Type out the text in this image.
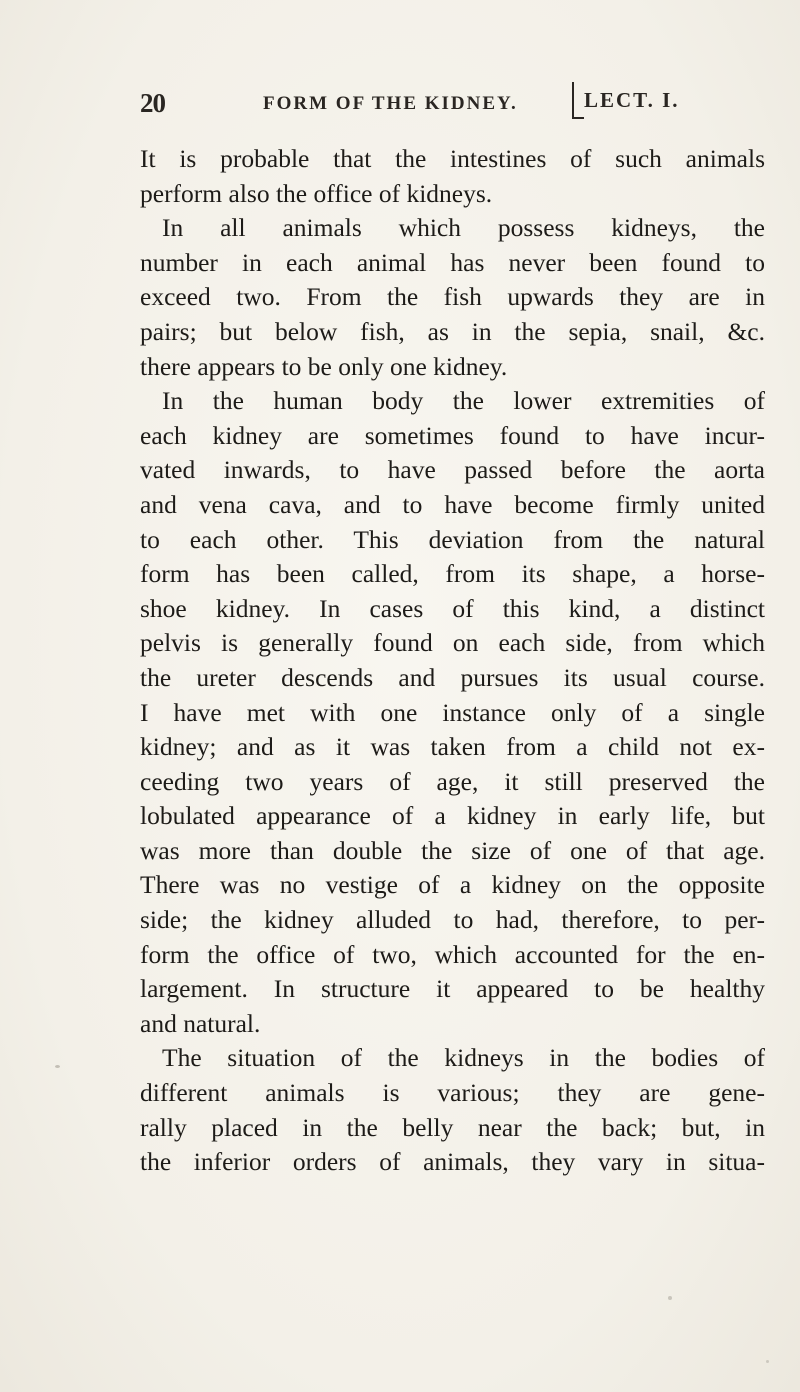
20	FORM OF THE KIDNEY.	LECT. I.
It is probable that the intestines of such animals
perform also the office of kidneys.
In all animals which possess kidneys, the
number in each animal has never been found to
exceed two. From the fish upwards they are in
pairs; but below fish, as in the sepia, snail, &c.
there appears to be only one kidney.
In the human body the lower extremities of
each kidney are sometimes found to have incur-
vated inwards, to have passed before the aorta
and vena cava, and to have become firmly united
to each other. This deviation from the natural
form has been called, from its shape, a horse-
shoe kidney. In cases of this kind, a distinct
pelvis is generally found on each side, from which
the ureter descends and pursues its usual course.
I have met with one instance only of a single
kidney; and as it was taken from a child not ex-
ceeding two years of age, it still preserved the
lobulated appearance of a kidney in early life, but
was more than double the size of one of that age.
There was no vestige of a kidney on the opposite
side; the kidney alluded to had, therefore, to per-
form the office of two, which accounted for the en-
largement. In structure it appeared to be healthy
and natural.
The situation of the kidneys in the bodies of
different animals is various; they are gene-
rally placed in the belly near the back; but, in
the inferior orders of animals, they vary in situa-
